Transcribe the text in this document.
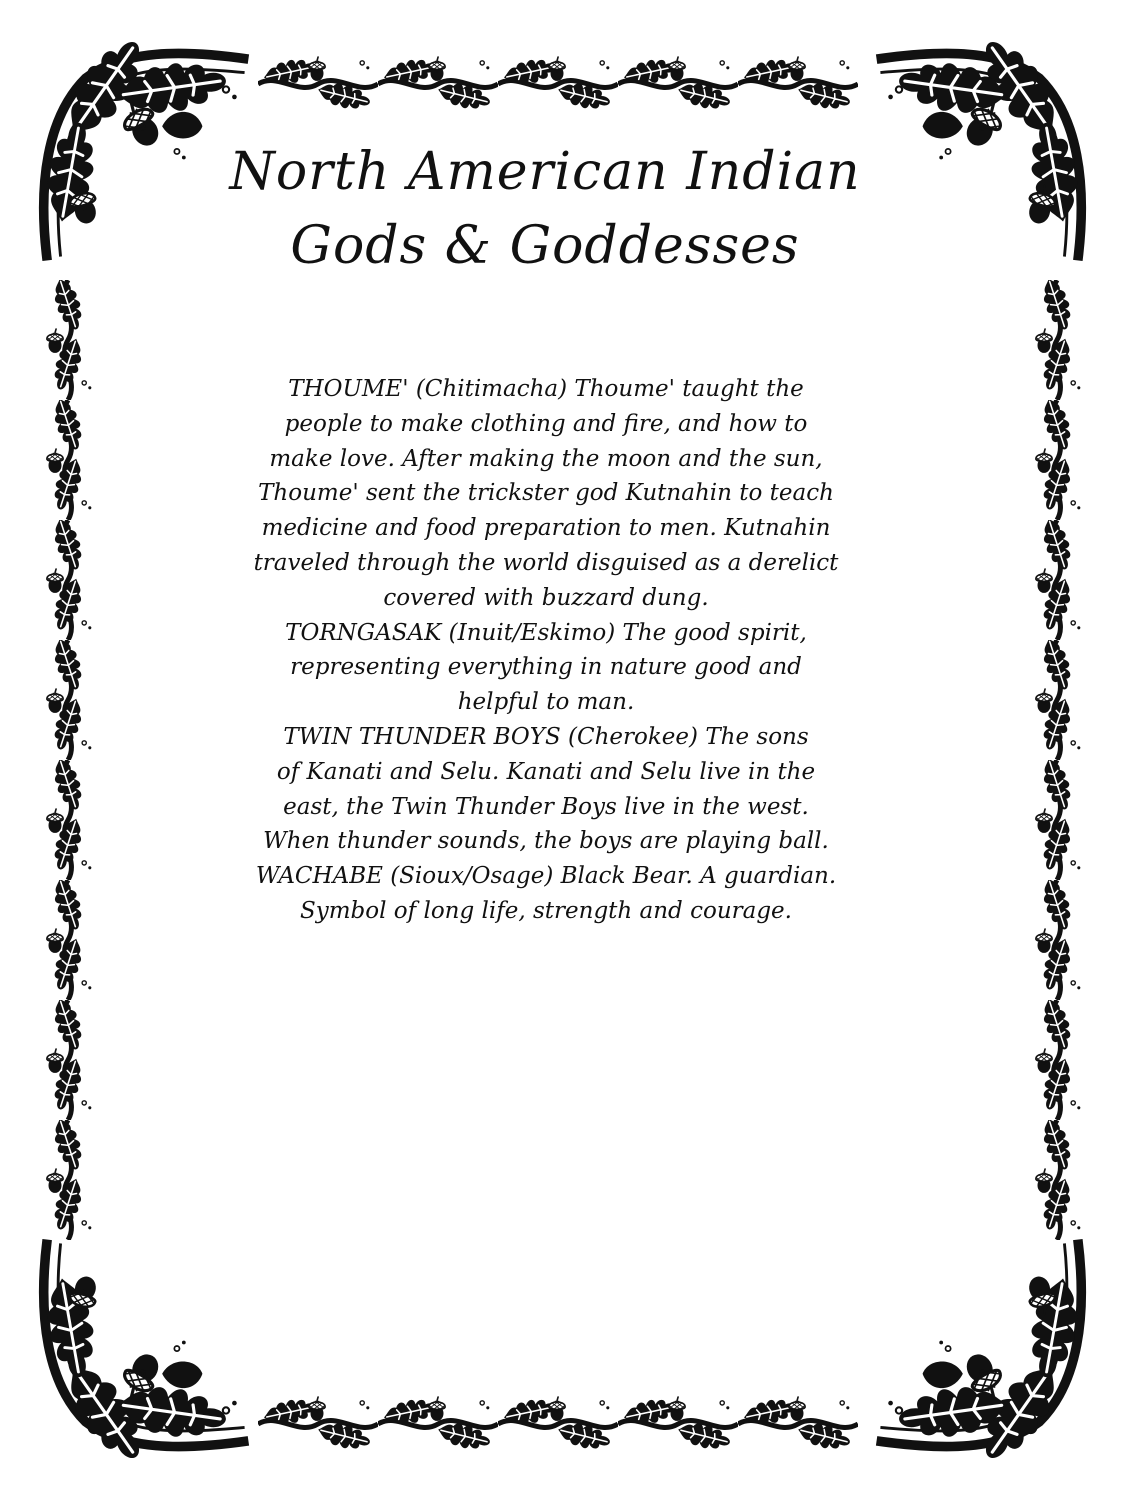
North American Indian
Gods & Goddesses
THOUME' (Chitimacha) Thoume' taught the
people to make clothing and fire, and how to
make love. After making the moon and the sun,
Thoume' sent the trickster god Kutnahin to teach
medicine and food preparation to men. Kutnahin
traveled through the world disguised as a derelict
covered with buzzard dung.
TORNGASAK (Inuit/Eskimo) The good spirit,
representing everything in nature good and
helpful to man.
TWIN THUNDER BOYS (Cherokee) The sons
of Kanati and Selu. Kanati and Selu live in the
east, the Twin Thunder Boys live in the west.
When thunder sounds, the boys are playing ball.
WACHABE (Sioux/Osage) Black Bear. A guardian.
Symbol of long life, strength and courage.
